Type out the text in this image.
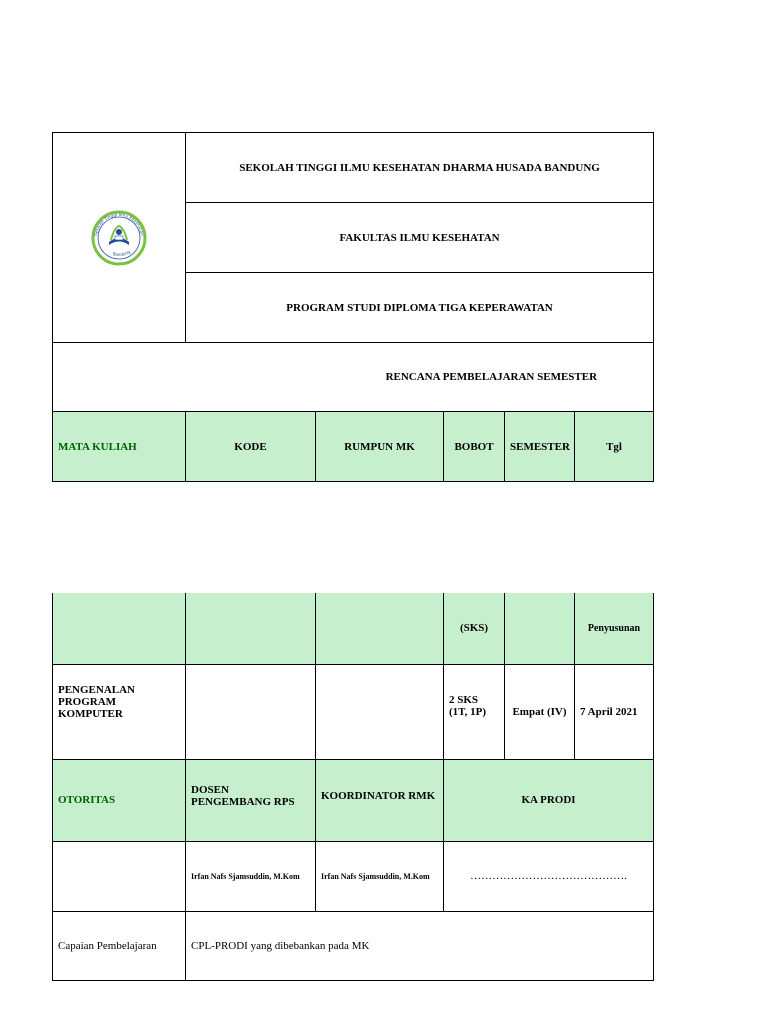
Sekolah Tinggi Ilmu Kesehatan
Bandung	SEKOLAH TINGGI ILMU KESEHATAN DHARMA HUSADA BANDUNG				
	FAKULTAS ILMU KESEHATAN				
	PROGRAM STUDI DIPLOMA TIGA KEPERAWATAN				
RENCANA PEMBELAJARAN SEMESTER					
MATA KULIAH	KODE	RUMPUN MK	BOBOT	SEMESTER	Tgl
			(SKS)		Penyusunan
PENGENALAN PROGRAM KOMPUTER			2 SKS (1T, 1P)	Empat (IV)	7 April 2021
OTORITAS	DOSEN PENGEMBANG RPS	KOORDINATOR RMK	KA PRODI		
	Irfan Nafs Sjamsuddin, M.Kom	Irfan Nafs Sjamsuddin, M.Kom	…………………………………….		
Capaian Pembelajaran	CPL-PRODI yang dibebankan pada MK				
